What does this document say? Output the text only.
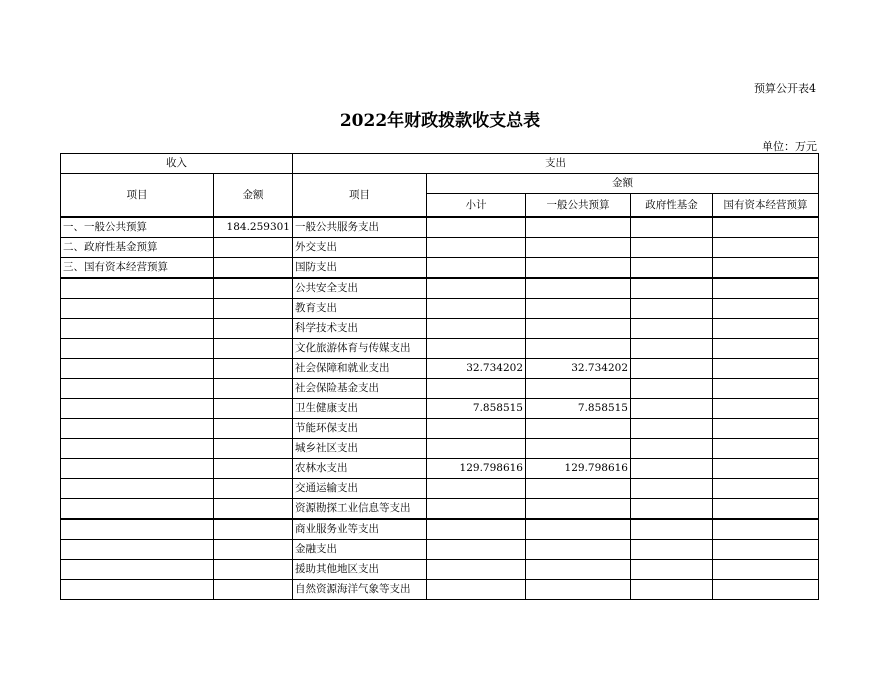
预算公开表4
2022年财政拨款收支总表
单位：万元
收入		支出				
项目	金额	项目	金额			
			小计	一般公共预算	政府性基金	国有资本经营预算
一、一般公共预算	184.259301	一般公共服务支出				
二、政府性基金预算		外交支出				
三、国有资本经营预算		国防支出				
		公共安全支出				
		教育支出				
		科学技术支出				
		文化旅游体育与传媒支出				
		社会保障和就业支出	32.734202	32.734202		
		社会保险基金支出				
		卫生健康支出	7.858515	7.858515		
		节能环保支出				
		城乡社区支出				
		农林水支出	129.798616	129.798616		
		交通运输支出				
		资源勘探工业信息等支出				
		商业服务业等支出				
		金融支出				
		援助其他地区支出				
		自然资源海洋气象等支出				
